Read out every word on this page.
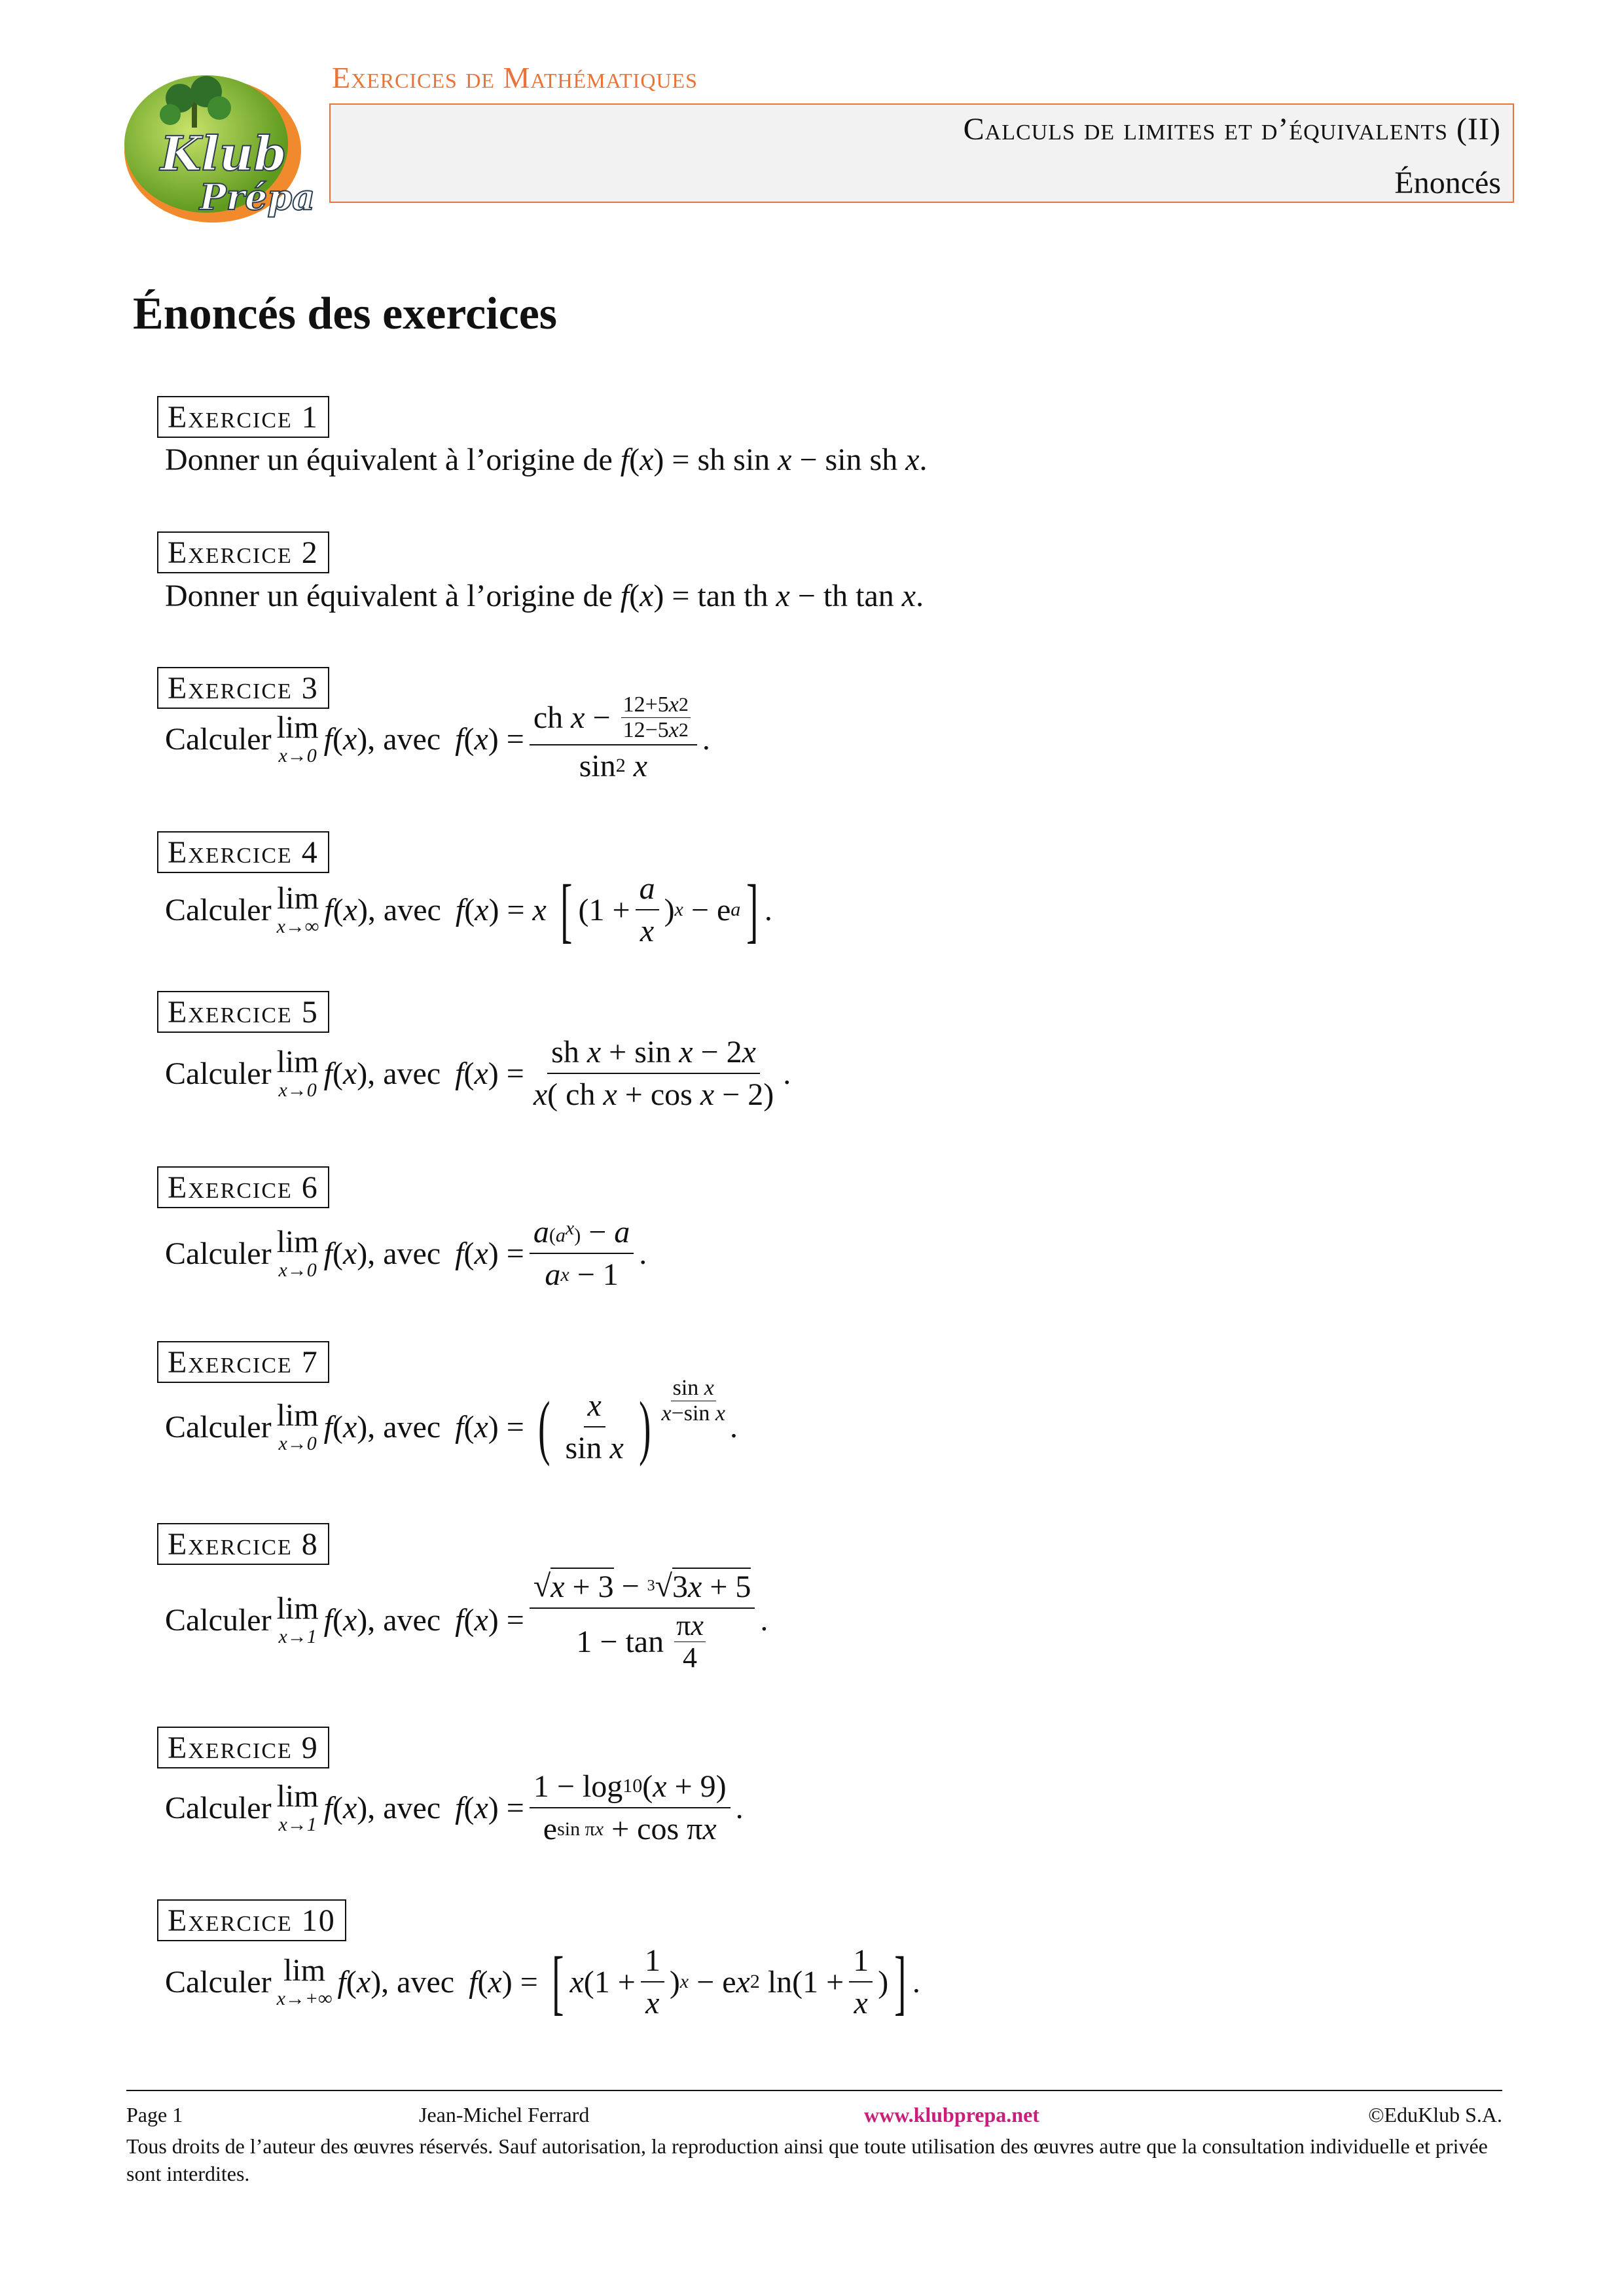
Klub
Prépa
Exercices de Mathématiques
Calculs de limites et d’équivalents (II)
Énoncés
Énoncés des exercices
Exercice 1
Donner un équivalent à l’origine de
f ( x ) = sh sin x − sin sh x .
Exercice 2
Donner un équivalent à l’origine de
f ( x ) = tan th x − th tan x .
Exercice 3
Calculer lim
x→0 f ( x ), avec f ( x ) = ch $x - \frac{12+5 x 2}{12-5 x 2}$
sin 2
x .
Exercice 4
Calculer lim
x→∞ f ( x ), avec f ( x ) = x
[ ($1 + \frac{a}{x}$ ) x − e a ] .
Exercice 5
Calculer lim
x→0 f ( x ), avec f ( x ) = $\frac{\text{sh x + sin x − 2 x}}{\text{x ( ch x + cos x − 2)}}$ .
Exercice 6
Calculer lim
x→0 f ( x ), avec f ( x ) = $\frac{a (a^x) - a}{\text{a x − 1}}$ .
Exercice 7
Calculer lim
x→0 f ( x ), avec f ( x ) = ( $\frac{x}{\text{sin x}}$ ) $\frac{\text{sin x}}{\text{x−sin x}}$
.
Exercice 8
Calculer lim
x→1 f ( x ), avec f ( x ) = $\frac{√ x + 3 - 3 √ 3x + 5}{1 - \tan \frac{\text{π x}}{4}}$ .
Exercice 9
Calculer lim
x→1 f ( x ), avec f ( x ) = $\frac{1 - \log 10 ( x + 9)}{\text{e sin πx + cos π x}}$ .
Exercice 10
Calculer lim
x→+∞ f ( x ), avec f ( x ) = [ x ($1 + \frac{1}{x}$ ) x − e x 2 $\ln(1 + \frac{1}{x}$ ) ] .
Page 1	Jean-Michel Ferrard	www.klubprepa.net	©EduKlub S.A.
Tous droits de l’auteur des œuvres réservés. Sauf autorisation, la reproduction ainsi que toute utilisation des œuvres autre que la consultation individuelle et privée sont interdites.
